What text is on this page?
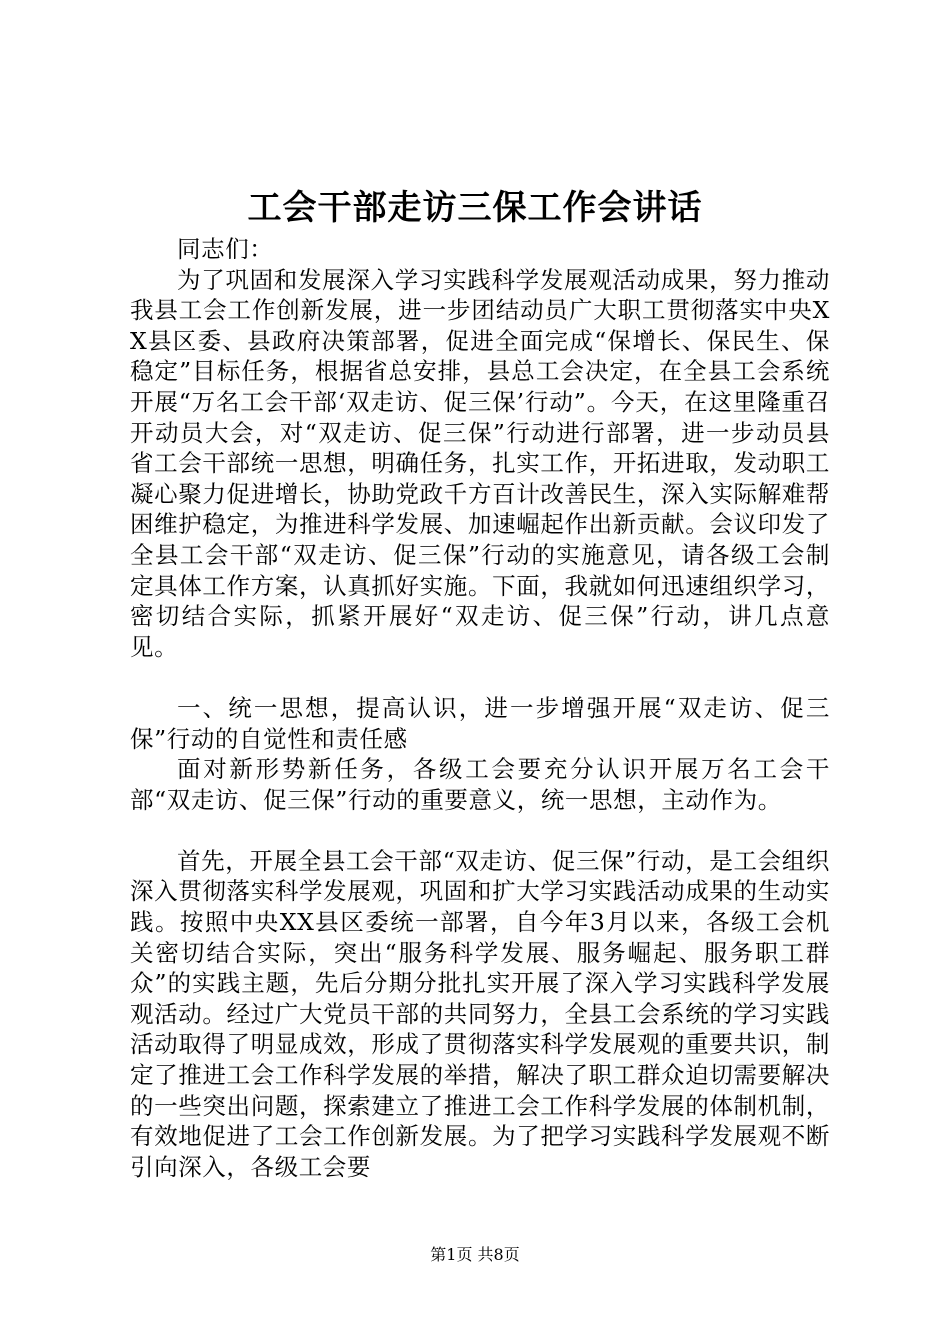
工会干部走访三保工作会讲话

同志们：

为了巩固和发展深入学习实践科学发展观活动成果，努力推动我县工会工作创新发展，进一步团结动员广大职工贯彻落实中央XX县区委、县政府决策部署，促进全面完成“保增长、保民生、保稳定”目标任务，根据省总安排，县总工会决定，在全县工会系统开展“万名工会干部‘双走访、促三保’行动”。今天，在这里隆重召开动员大会，对“双走访、促三保”行动进行部署，进一步动员县省工会干部统一思想，明确任务，扎实工作，开拓进取，发动职工凝心聚力促进增长，协助党政千方百计改善民生，深入实际解难帮困维护稳定，为推进科学发展、加速崛起作出新贡献。会议印发了全县工会干部“双走访、促三保”行动的实施意见，请各级工会制定具体工作方案，认真抓好实施。下面，我就如何迅速组织学习，密切结合实际，抓紧开展好“双走访、促三保”行动，讲几点意见。

一、统一思想，提高认识，进一步增强开展“双走访、促三保”行动的自觉性和责任感

面对新形势新任务，各级工会要充分认识开展万名工会干部“双走访、促三保”行动的重要意义，统一思想，主动作为。

首先，开展全县工会干部“双走访、促三保”行动，是工会组织深入贯彻落实科学发展观，巩固和扩大学习实践活动成果的生动实践。按照中央XX县区委统一部署，自今年3月以来，各级工会机关密切结合实际，突出“服务科学发展、服务崛起、服务职工群众”的实践主题，先后分期分批扎实开展了深入学习实践科学发展观活动。经过广大党员干部的共同努力，全县工会系统的学习实践活动取得了明显成效，形成了贯彻落实科学发展观的重要共识，制定了推进工会工作科学发展的举措，解决了职工群众迫切需要解决的一些突出问题，探索建立了推进工会工作科学发展的体制机制，有效地促进了工会工作创新发展。为了把学习实践科学发展观不断引向深入，各级工会要

第1页 共8页
